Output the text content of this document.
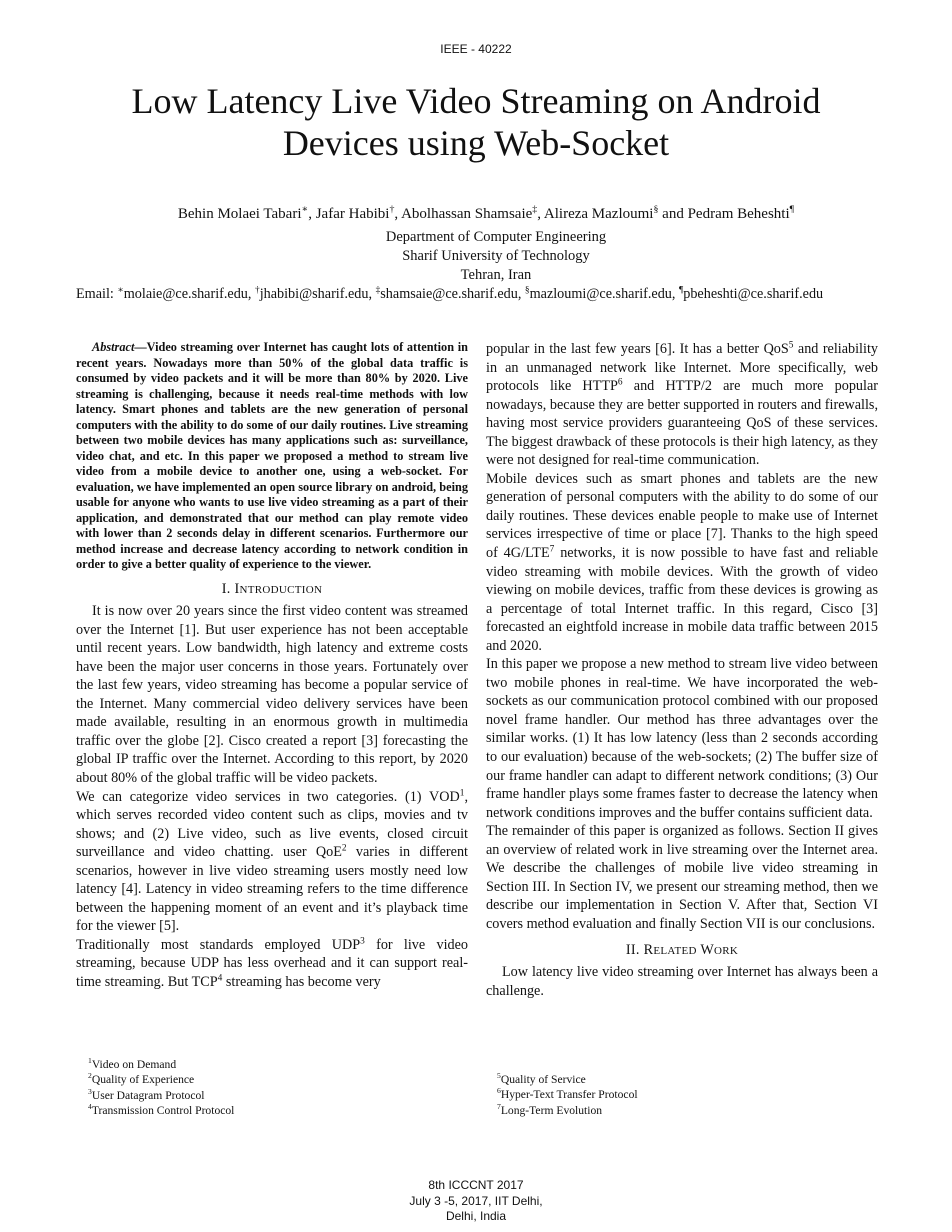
IEEE - 40222
Low Latency Live Video Streaming on Android
Devices using Web-Socket
Behin Molaei Tabari∗, Jafar Habibi†, Abolhassan Shamsaie‡, Alireza Mazloumi§ and Pedram Beheshti¶
Department of Computer Engineering
Sharif University of Technology
Tehran, Iran
Email: ∗molaie@ce.sharif.edu, †jhabibi@sharif.edu, ‡shamsaie@ce.sharif.edu, §mazloumi@ce.sharif.edu, ¶pbeheshti@ce.sharif.edu

Abstract—Video streaming over Internet has caught lots of attention in recent years. Nowadays more than 50% of the global data traffic is consumed by video packets and it will be more than 80% by 2020. Live streaming is challenging, because it needs real-time methods with low latency. Smart phones and tablets are the new generation of personal computers with the ability to do some of our daily routines. Live streaming between two mobile devices has many applications such as: surveillance, video chat, and etc. In this paper we proposed a method to stream live video from a mobile device to another one, using a web-socket. For evaluation, we have implemented an open source library on android, being usable for anyone who wants to use live video streaming as a part of their application, and demonstrated that our method can play remote video with lower than 2 seconds delay in different scenarios. Furthermore our method increase and decrease latency according to network condition in order to give a better quality of experience to the viewer.

I. INTRODUCTION

It is now over 20 years since the first video content was streamed over the Internet [1]. But user experience has not been acceptable until recent years. Low bandwidth, high latency and extreme costs have been the major user concerns in those years. Fortunately over the last few years, video streaming has become a popular service of the Internet. Many commercial video delivery services have been made available, resulting in an enormous growth in multimedia traffic over the globe [2]. Cisco created a report [3] forecasting the global IP traffic over the Internet. According to this report, by 2020 about 80% of the global traffic will be video packets.

We can categorize video services in two categories. (1) VOD$^1$, which serves recorded video content such as clips, movies and tv shows; and (2) Live video, such as live events, closed circuit surveillance and video chatting. user QoE$^2$ varies in different scenarios, however in live video streaming users mostly need low latency [4]. Latency in video streaming refers to the time difference between the happening moment of an event and it’s playback time for the viewer [5].

Traditionally most standards employed UDP$^3$ for live video streaming, because UDP has less overhead and it can support real-time streaming. But TCP$^4$ streaming has become very

popular in the last few years [6]. It has a better QoS$^5$ and reliability in an unmanaged network like Internet. More specifically, web protocols like HTTP$^6$ and HTTP/2 are much more popular nowadays, because they are better supported in routers and firewalls, having most service providers guaranteeing QoS of these services. The biggest drawback of these protocols is their high latency, as they were not designed for real-time communication.

Mobile devices such as smart phones and tablets are the new generation of personal computers with the ability to do some of our daily routines. These devices enable people to make use of Internet services irrespective of time or place [7]. Thanks to the high speed of 4G/LTE$^7$ networks, it is now possible to have fast and reliable video streaming with mobile devices. With the growth of video viewing on mobile devices, traffic from these devices is growing as a percentage of total Internet traffic. In this regard, Cisco [3] forecasted an eightfold increase in mobile data traffic between 2015 and 2020.

In this paper we propose a new method to stream live video between two mobile phones in real-time. We have incorporated the web-sockets as our communication protocol combined with our proposed novel frame handler. Our method has three advantages over the similar works. (1) It has low latency (less than 2 seconds according to our evaluation) because of the web-sockets; (2) The buffer size of our frame handler can adapt to different network conditions; (3) Our frame handler plays some frames faster to decrease the latency when network conditions improves and the buffer contains sufficient data.

The remainder of this paper is organized as follows. Section II gives an overview of related work in live streaming over the Internet area. We describe the challenges of mobile live video streaming in Section III. In Section IV, we present our streaming method, then we describe our implementation in Section V. After that, Section VI covers method evaluation and finally Section VII is our conclusions.

II. RELATED WORK

Low latency live video streaming over Internet has always been a challenge.

$^1$Video on Demand
$^2$Quality of Experience
$^3$User Datagram Protocol
$^4$Transmission Control Protocol
$^5$Quality of Service
$^6$Hyper-Text Transfer Protocol
$^7$Long-Term Evolution
8th ICCCNT 2017
July 3 -5, 2017, IIT Delhi,
Delhi, India
